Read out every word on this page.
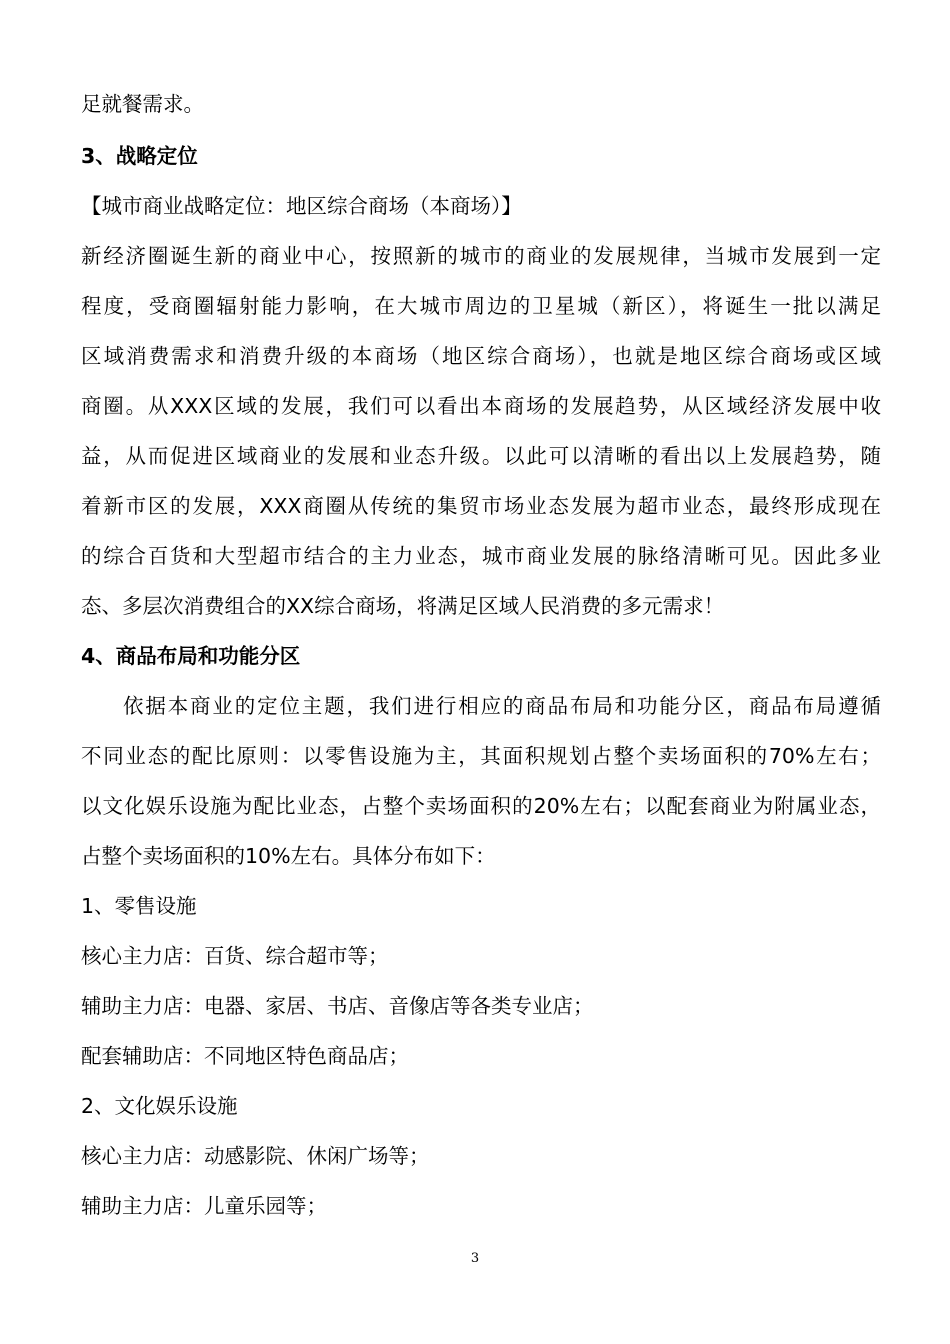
足就餐需求。
3、战略定位
【城市商业战略定位：地区综合商场（本商场）】
新经济圈诞生新的商业中心，按照新的城市的商业的发展规律，当城市发展到一定
程度，受商圈辐射能力影响，在大城市周边的卫星城（新区），将诞生一批以满足
区域消费需求和消费升级的本商场（地区综合商场），也就是地区综合商场或区域
商圈。从XXX区域的发展，我们可以看出本商场的发展趋势，从区域经济发展中收
益，从而促进区域商业的发展和业态升级。以此可以清晰的看出以上发展趋势，随
着新市区的发展，XXX商圈从传统的集贸市场业态发展为超市业态，最终形成现在
的综合百货和大型超市结合的主力业态，城市商业发展的脉络清晰可见。因此多业
态、多层次消费组合的XX综合商场，将满足区域人民消费的多元需求！
4、商品布局和功能分区
依据本商业的定位主题，我们进行相应的商品布局和功能分区，商品布局遵循
不同业态的配比原则：以零售设施为主，其面积规划占整个卖场面积的70%左右；
以文化娱乐设施为配比业态，占整个卖场面积的20%左右；以配套商业为附属业态，
占整个卖场面积的10%左右。具体分布如下：
1、零售设施
核心主力店：百货、综合超市等；
辅助主力店：电器、家居、书店、音像店等各类专业店；
配套辅助店：不同地区特色商品店；
2、文化娱乐设施
核心主力店：动感影院、休闲广场等；
辅助主力店：儿童乐园等；
3
